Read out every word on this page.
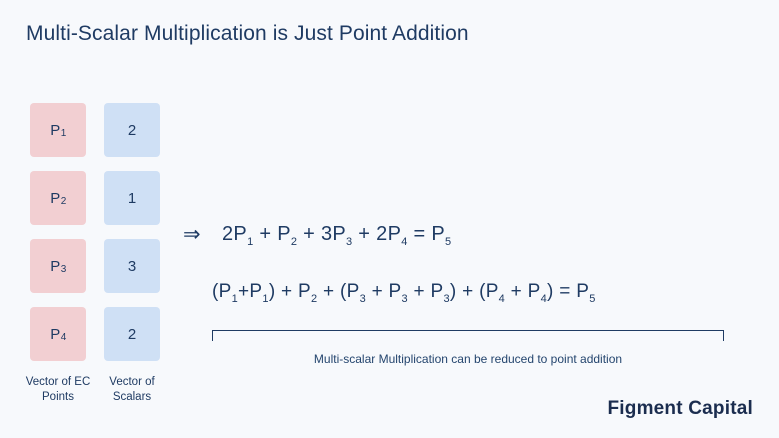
Multi-Scalar Multiplication is Just Point Addition
P 1
P 2
P 3
P 4
Vector of EC Points
2
1
3
2
Vector of Scalars
⇒ $2P_1 + P_2 + 3P_3 + 2P_4 = P_5$
$(P_1+P_1) + P_2 + (P_3 + P_3 + P_3) + (P_4 + P_4) = P_5$
Multi-scalar Multiplication can be reduced to point addition
Figment Capital
